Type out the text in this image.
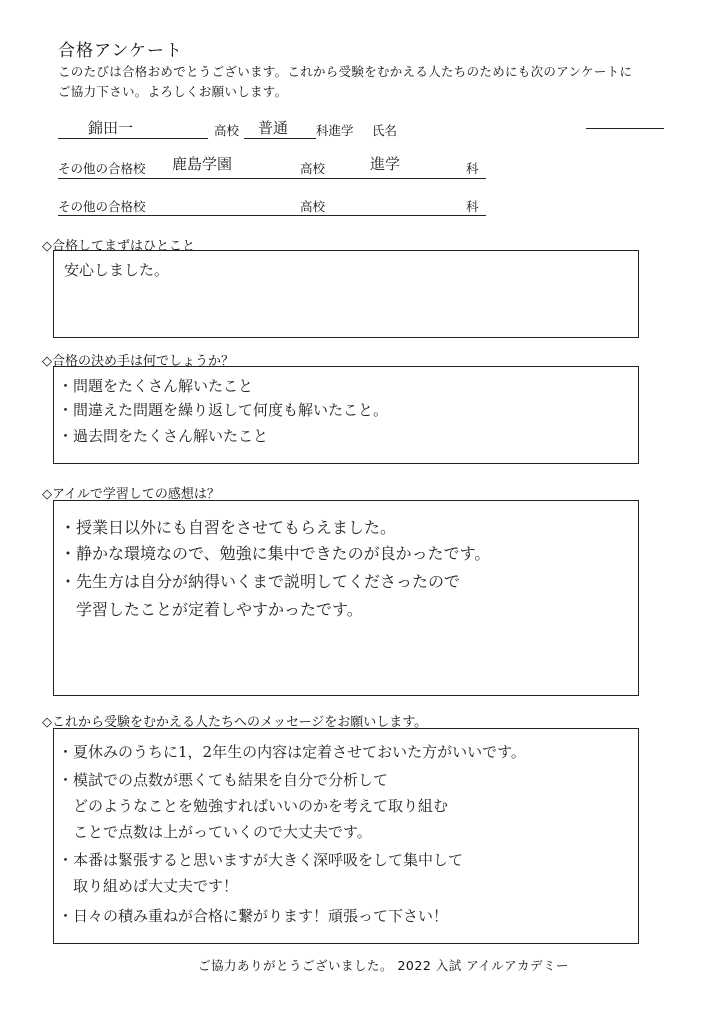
合格アンケート
このたびは合格おめでとうございます。これから受験をむかえる人たちのためにも次のアンケートに
ご協力下さい。よろしくお願いします。
錦田一	高校 普通 科進学 氏名
その他の合格校 鹿島学園	高校	進学	科
その他の合格校	高校	科
◇合格してまずはひとこと
安心しました。
◇合格の決め手は何でしょうか？
・問題をたくさん解いたこと
・間違えた問題を繰り返して何度も解いたこと。
・過去問をたくさん解いたこと
◇アイルで学習しての感想は？
・授業日以外にも自習をさせてもらえました。
・静かな環境なので、勉強に集中できたのが良かったです。
・先生方は自分が納得いくまで説明してくださったので
　学習したことが定着しやすかったです。
◇これから受験をむかえる人たちへのメッセージをお願いします。
・夏休みのうちに1，2年生の内容は定着させておいた方がいいです。
・模試での点数が悪くても結果を自分で分析して
　どのようなことを勉強すればいいのかを考えて取り組む
　ことで点数は上がっていくので大丈夫です。
・本番は緊張すると思いますが大きく深呼吸をして集中して
　取り組めば大丈夫です！
・日々の積み重ねが合格に繋がります！頑張って下さい！
ご協力ありがとうございました。 2022 入試 アイルアカデミー
